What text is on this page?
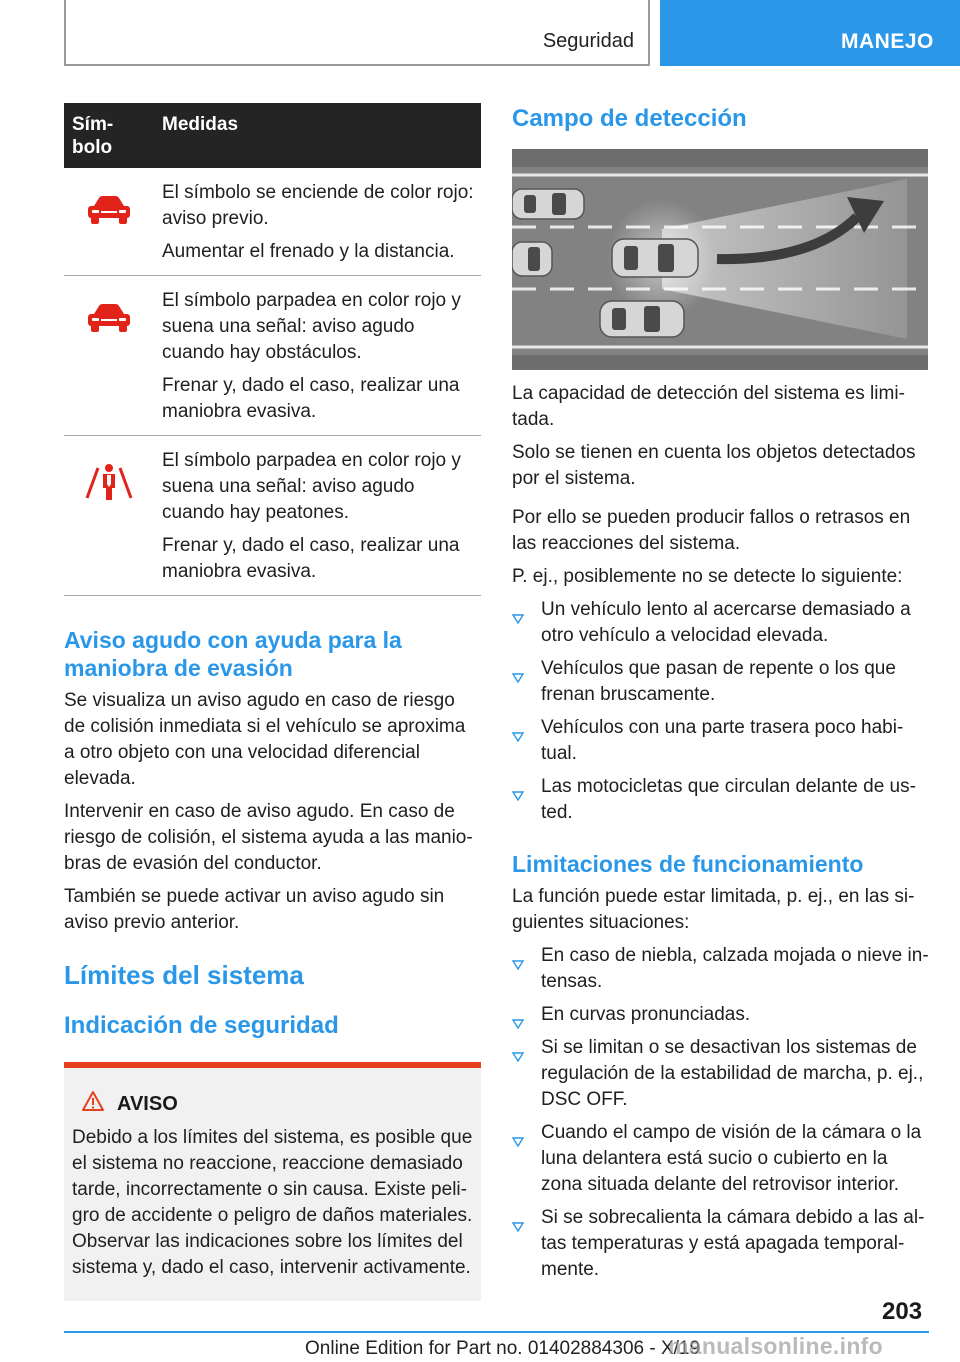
Seguridad	MANEJO
Sím-
bolo	Medidas

El símbolo se enciende de color rojo: aviso previo.

Aumentar el frenado y la distancia.

El símbolo parpadea en color rojo y suena una señal: aviso agudo cuando hay obstáculos.

Frenar y, dado el caso, realizar una maniobra evasiva.

El símbolo parpadea en color rojo y suena una señal: aviso agudo cuando hay peatones.

Frenar y, dado el caso, realizar una maniobra evasiva.

Aviso agudo con ayuda para la maniobra de evasión

Se visualiza un aviso agudo en caso de riesgo de colisión inmediata si el vehículo se aproxima a otro objeto con una velocidad diferencial elevada.

Intervenir en caso de aviso agudo. En caso de riesgo de colisión, el sistema ayuda a las maniobras de evasión del conductor.

También se puede activar un aviso agudo sin aviso previo anterior.

Límites del sistema
Indicación de seguridad
AVISO

Debido a los límites del sistema, es posible que el sistema no reaccione, reaccione demasiado tarde, incorrectamente o sin causa. Existe peligro de accidente o peligro de daños materiales. Observar las indicaciones sobre los límites del sistema y, dado el caso, intervenir activamente.

Campo de detección

La capacidad de detección del sistema es limitada.

Solo se tienen en cuenta los objetos detectados por el sistema.

Por ello se pueden producir fallos o retrasos en las reacciones del sistema.

P. ej., posiblemente no se detecte lo siguiente:

Un vehículo lento al acercarse demasiado a otro vehículo a velocidad elevada.
Vehículos que pasan de repente o los que frenan bruscamente.
Vehículos con una parte trasera poco habitual.
Las motocicletas que circulan delante de usted.
Limitaciones de funcionamiento

La función puede estar limitada, p. ej., en las siguientes situaciones:

En caso de niebla, calzada mojada o nieve intensas.
En curvas pronunciadas.
Si se limitan o se desactivan los sistemas de regulación de la estabilidad de marcha, p. ej., DSC OFF.
Cuando el campo de visión de la cámara o la luna delantera está sucio o cubierto en la zona situada delante del retrovisor interior.
Si se sobrecalienta la cámara debido a las altas temperaturas y está apagada temporalmente.
203
Online Edition for Part no. 01402884306 - X/19
manualsonline.info
